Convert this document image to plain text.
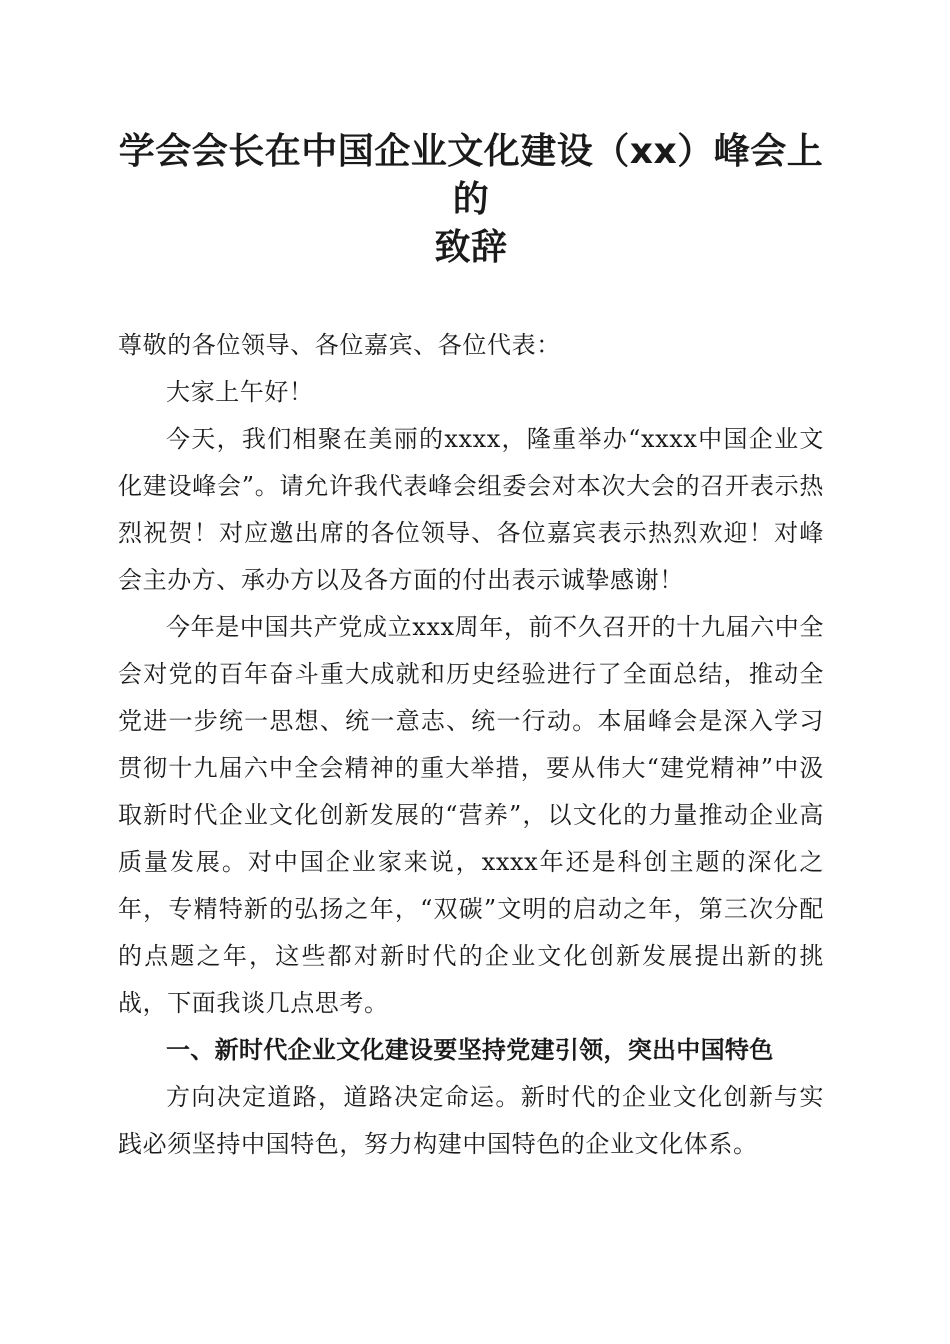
学会会长在中国企业文化建设（xx）峰会上的
致辞

尊敬的各位领导、各位嘉宾、各位代表：

大家上午好！

今天，我们相聚在美丽的xxxx，隆重举办“xxxx中国企业文化建设峰会”。请允许我代表峰会组委会对本次大会的召开表示热烈祝贺！对应邀出席的各位领导、各位嘉宾表示热烈欢迎！对峰会主办方、承办方以及各方面的付出表示诚挚感谢！

今年是中国共产党成立xxx周年，前不久召开的十九届六中全会对党的百年奋斗重大成就和历史经验进行了全面总结，推动全党进一步统一思想、统一意志、统一行动。本届峰会是深入学习贯彻十九届六中全会精神的重大举措，要从伟大“建党精神”中汲取新时代企业文化创新发展的“营养”，以文化的力量推动企业高质量发展。对中国企业家来说，xxxx年还是科创主题的深化之年，专精特新的弘扬之年，“双碳”文明的启动之年，第三次分配的点题之年，这些都对新时代的企业文化创新发展提出新的挑战，下面我谈几点思考。

一、新时代企业文化建设要坚持党建引领，突出中国特色

方向决定道路，道路决定命运。新时代的企业文化创新与实践必须坚持中国特色，努力构建中国特色的企业文化体系。
